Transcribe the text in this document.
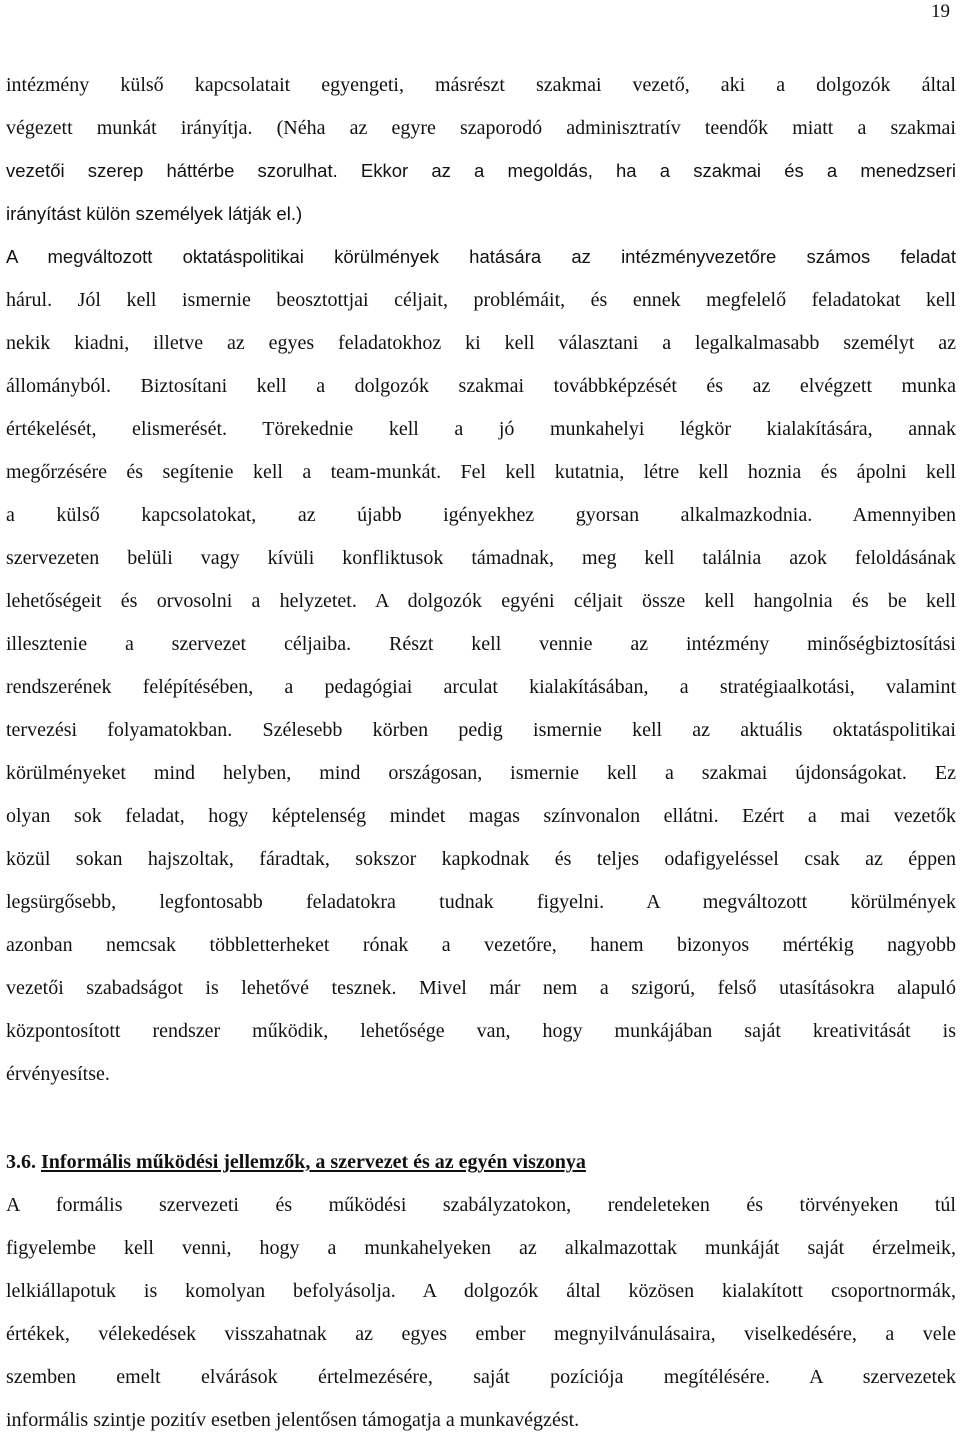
19
intézmény külső kapcsolatait egyengeti, másrészt szakmai vezető, aki a dolgozók által
végezett munkát irányítja. (Néha az egyre szaporodó adminisztratív teendők miatt a szakmai
vezetői szerep háttérbe szorulhat. Ekkor az a megoldás, ha a szakmai és a menedzseri
irányítást külön személyek látják el.)
A megváltozott oktatáspolitikai körülmények hatására az intézményvezetőre számos feladat
hárul. Jól kell ismernie beosztottjai céljait, problémáit, és ennek megfelelő feladatokat kell
nekik kiadni, illetve az egyes feladatokhoz ki kell választani a legalkalmasabb személyt az
állományból. Biztosítani kell a dolgozók szakmai továbbképzését és az elvégzett munka
értékelését, elismerését. Törekednie kell a jó munkahelyi légkör kialakítására, annak
megőrzésére és segítenie kell a team-munkát. Fel kell kutatnia, létre kell hoznia és ápolni kell
a külső kapcsolatokat, az újabb igényekhez gyorsan alkalmazkodnia. Amennyiben
szervezeten belüli vagy kívüli konfliktusok támadnak, meg kell találnia azok feloldásának
lehetőségeit és orvosolni a helyzetet. A dolgozók egyéni céljait össze kell hangolnia és be kell
illesztenie a szervezet céljaiba. Részt kell vennie az intézmény minőségbiztosítási
rendszerének felépítésében, a pedagógiai arculat kialakításában, a stratégiaalkotási, valamint
tervezési folyamatokban. Szélesebb körben pedig ismernie kell az aktuális oktatáspolitikai
körülményeket mind helyben, mind országosan, ismernie kell a szakmai újdonságokat. Ez
olyan sok feladat, hogy képtelenség mindet magas színvonalon ellátni. Ezért a mai vezetők
közül sokan hajszoltak, fáradtak, sokszor kapkodnak és teljes odafigyeléssel csak az éppen
legsürgősebb, legfontosabb feladatokra tudnak figyelni. A megváltozott körülmények
azonban nemcsak többletterheket rónak a vezetőre, hanem bizonyos mértékig nagyobb
vezetői szabadságot is lehetővé tesznek. Mivel már nem a szigorú, felső utasításokra alapuló
központosított rendszer működik, lehetősége van, hogy munkájában saját kreativitását is
érvényesítse.
3.6. Informális működési jellemzők, a szervezet és az egyén viszonya
A formális szervezeti és működési szabályzatokon, rendeleteken és törvényeken túl
figyelembe kell venni, hogy a munkahelyeken az alkalmazottak munkáját saját érzelmeik,
lelkiállapotuk is komolyan befolyásolja. A dolgozók által közösen kialakított csoportnormák,
értékek, vélekedések visszahatnak az egyes ember megnyilvánulásaira, viselkedésére, a vele
szemben emelt elvárások értelmezésére, saját pozíciója megítélésére. A szervezetek
informális szintje pozitív esetben jelentősen támogatja a munkavégzést.
